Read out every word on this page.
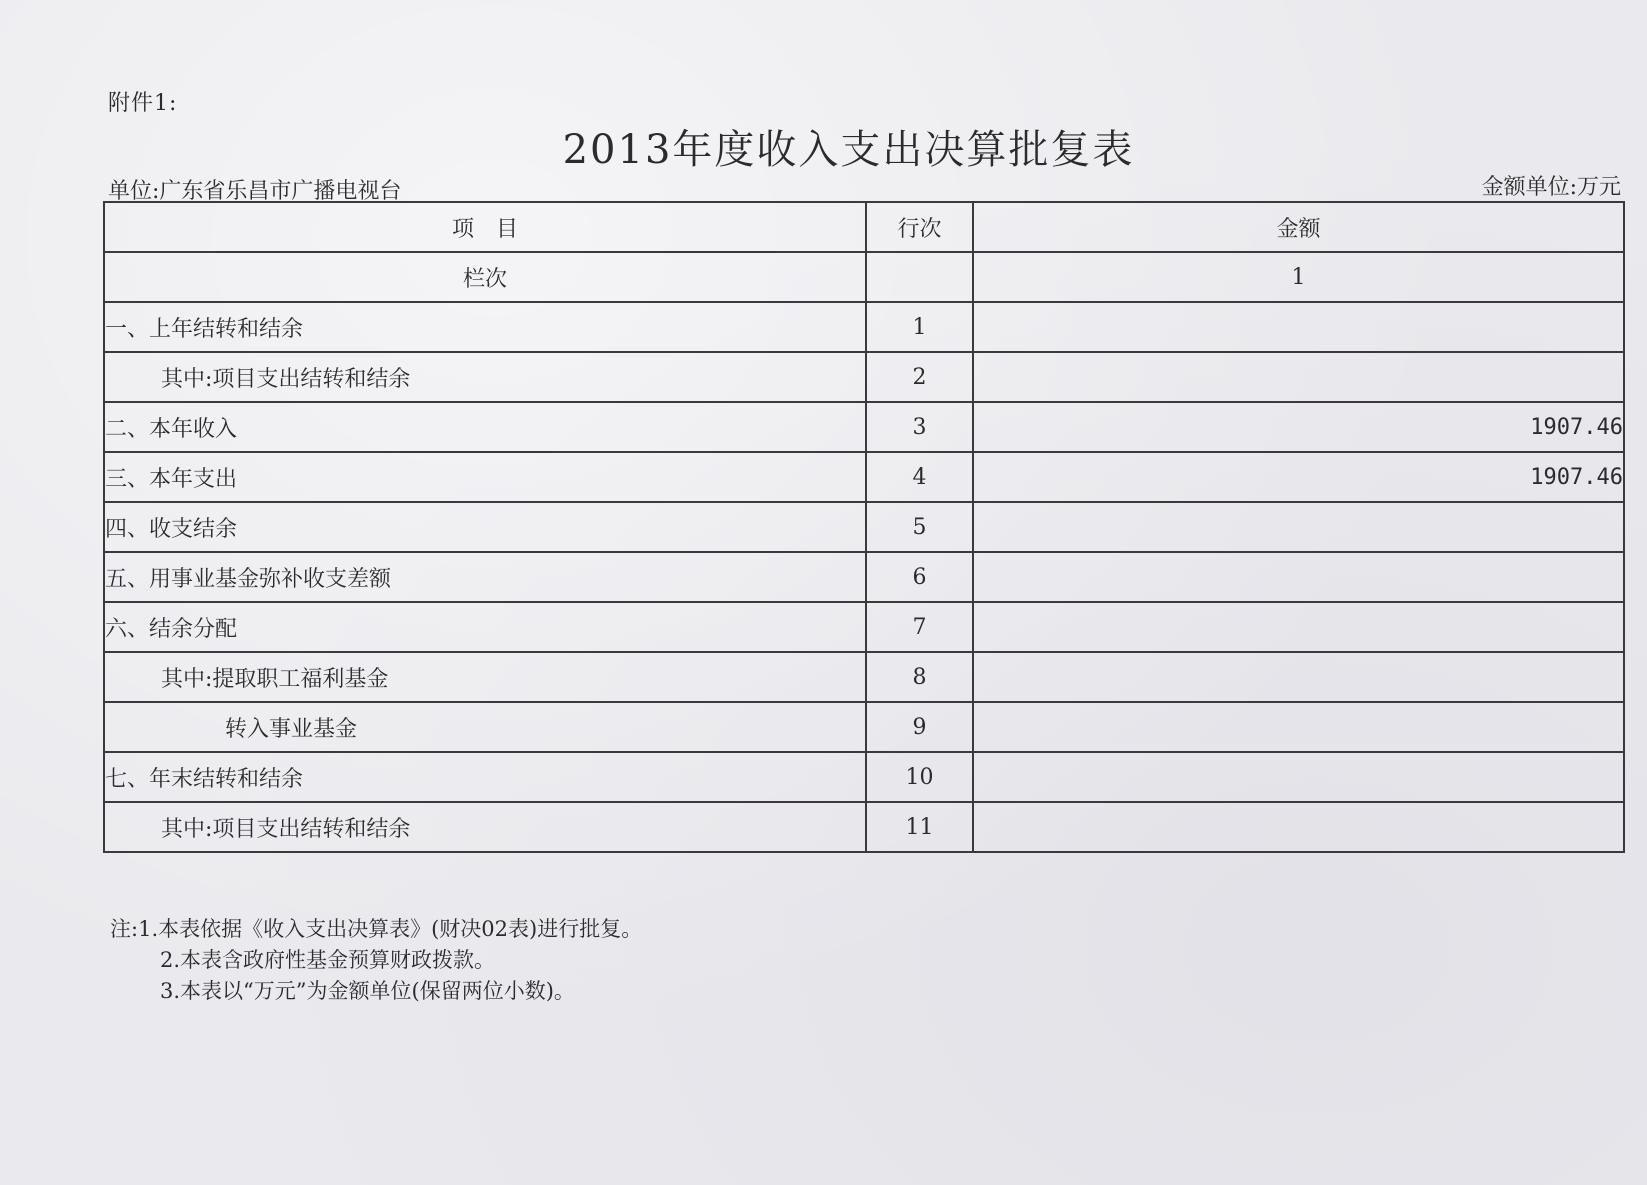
附件1:
2013年度收入支出决算批复表
单位:广东省乐昌市广播电视台	金额单位:万元
项　目	行次	金额
栏次		1
一、上年结转和结余	1	
其中:项目支出结转和结余	2	
二、本年收入	3	1907.46
三、本年支出	4	1907.46
四、收支结余	5	
五、用事业基金弥补收支差额	6	
六、结余分配	7	
其中:提取职工福利基金	8	
转入事业基金	9	
七、年末结转和结余	10	
其中:项目支出结转和结余	11	
注:1.本表依据《收入支出决算表》(财决02表)进行批复。
2.本表含政府性基金预算财政拨款。
3.本表以“万元”为金额单位(保留两位小数)。
